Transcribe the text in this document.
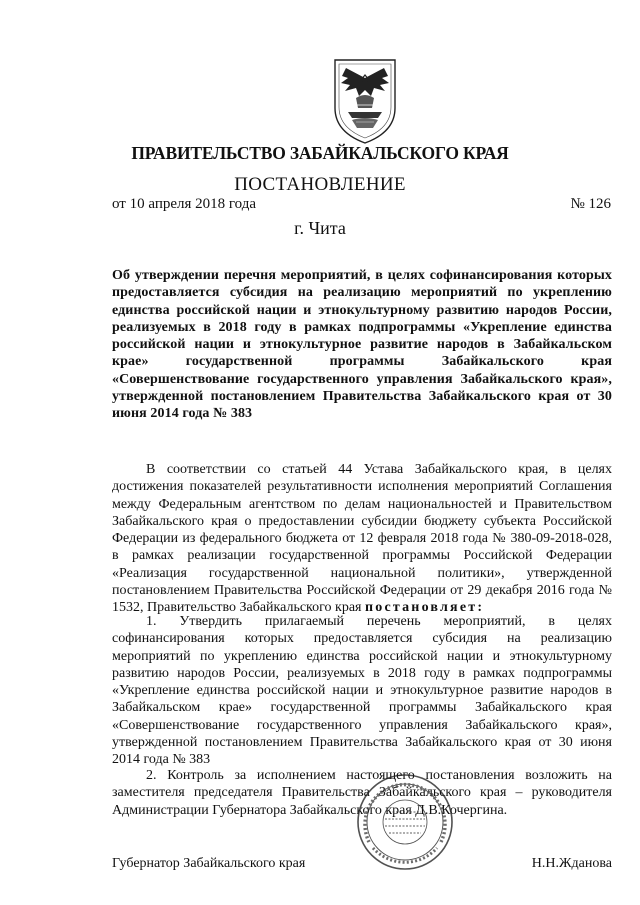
ПРАВИТЕЛЬСТВО ЗАБАЙКАЛЬСКОГО КРАЯ
ПОСТАНОВЛЕНИЕ
от 10 апреля 2018 года	№ 126
г. Чита
Об утверждении перечня мероприятий, в целях софинансирования которых предоставляется субсидия на реализацию мероприятий по укреплению единства российской нации и этнокультурному развитию народов России, реализуемых в 2018 году в рамках подпрограммы «Укрепление единства российской нации и этнокультурное развитие народов в Забайкальском крае» государственной программы Забайкальского края «Совершенствование государственного управления Забайкальского края», утвержденной постановлением Правительства Забайкальского края от 30 июня 2014 года № 383
В соответствии со статьей 44 Устава Забайкальского края, в целях достижения показателей результативности исполнения мероприятий Соглашения между Федеральным агентством по делам национальностей и Правительством Забайкальского края о предоставлении субсидии бюджету субъекта Российской Федерации из федерального бюджета от 12 февраля 2018 года № 380-09-2018-028, в рамках реализации государственной программы Российской Федерации «Реализация государственной национальной политики», утвержденной постановлением Правительства Российской Федерации от 29 декабря 2016 года № 1532, Правительство Забайкальского края постановляет:
1. Утвердить прилагаемый перечень мероприятий, в целях софинансирования которых предоставляется субсидия на реализацию мероприятий по укреплению единства российской нации и этнокультурному развитию народов России, реализуемых в 2018 году в рамках подпрограммы «Укрепление единства российской нации и этнокультурное развитие народов в Забайкальском крае» государственной программы Забайкальского края «Совершенствование государственного управления Забайкальского края», утвержденной постановлением Правительства Забайкальского края от 30 июня 2014 года № 383
2. Контроль за исполнением настоящего постановления возложить на заместителя председателя Правительства Забайкальского края – руководителя Администрации Губернатора Забайкальского края Д.В.Кочергина.
Губернатор Забайкальского края	Н.Н.Жданова
